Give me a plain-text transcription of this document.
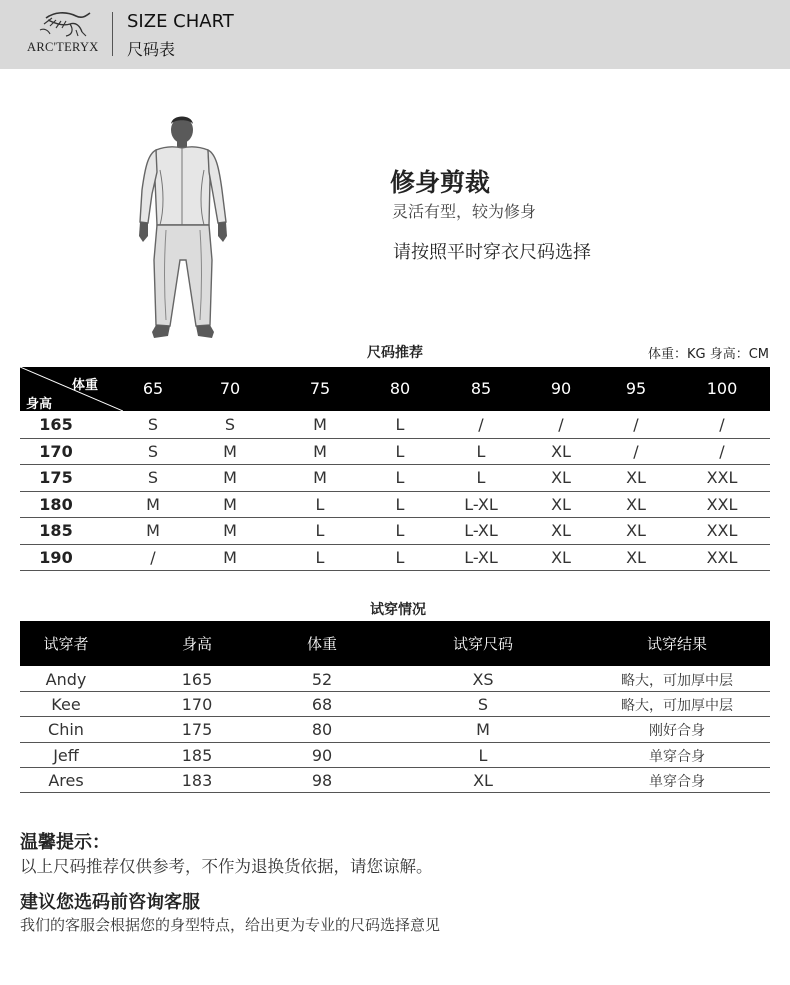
ARC'TERYX
SIZE CHART
尺码表
修身剪裁
灵活有型，较为修身
请按照平时穿衣尺码选择
尺码推荐	体重：KG 身高：CM
体重
身高
65	70	75	80	85	90	95	100
165	S	S	M	L	/	/	/	/
170	S	M	M	L	L	XL	/	/
175	S	M	M	L	L	XL	XL	XXL
180	M	M	L	L	L-XL	XL	XL	XXL
185	M	M	L	L	L-XL	XL	XL	XXL
190	/	M	L	L	L-XL	XL	XL	XXL
试穿情况
试穿者	身高	体重	试穿尺码	试穿结果
Andy	165	52	XS	略大，可加厚中层
Kee	170	68	S	略大，可加厚中层
Chin	175	80	M	刚好合身
Jeff	185	90	L	单穿合身
Ares	183	98	XL	单穿合身
温馨提示：
以上尺码推荐仅供参考，不作为退换货依据，请您谅解。
建议您选码前咨询客服
我们的客服会根据您的身型特点，给出更为专业的尺码选择意见
